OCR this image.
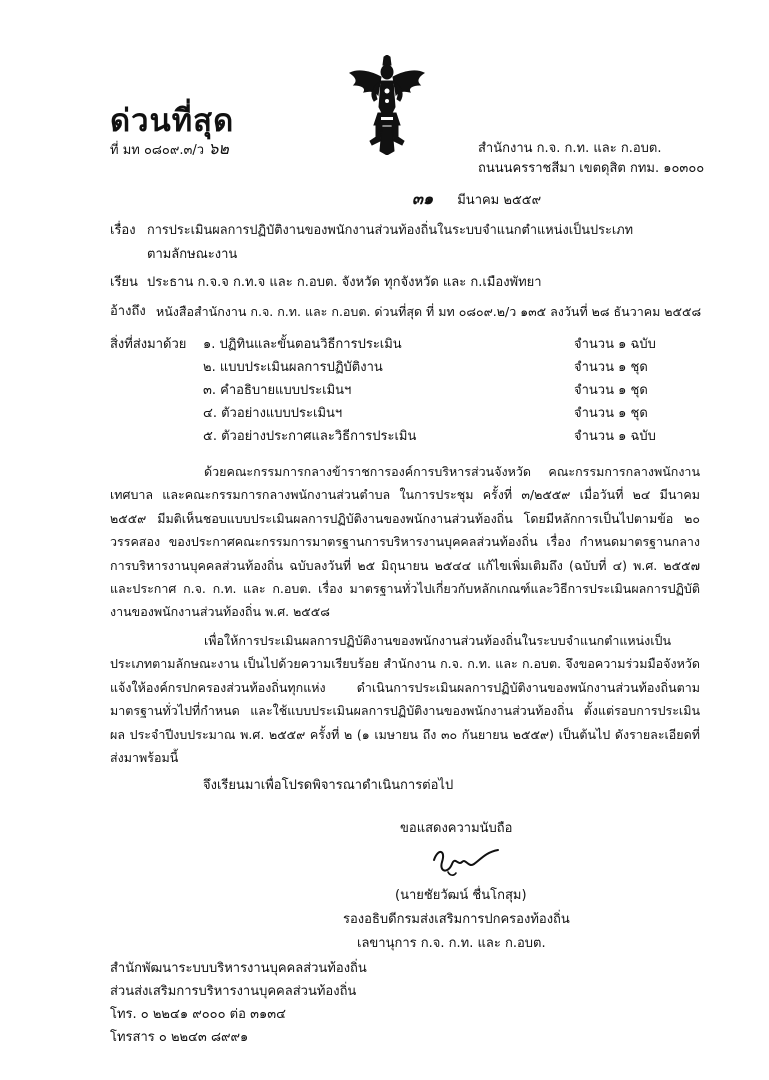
ด่วนที่สุด
ที่ มท ๐๘๐๙.๓/ว ๖๒	สำนักงาน ก.จ. ก.ท. และ ก.อบต.
ถนนนครราชสีมา เขตดุสิต กทม. ๑๐๓๐๐
๓๑ มีนาคม ๒๕๕๙
เรื่อง การประเมินผลการปฏิบัติงานของพนักงานส่วนท้องถิ่นในระบบจำแนกตำแหน่งเป็นประเภท
ตามลักษณะงาน
เรียน ประธาน ก.จ.จ ก.ท.จ และ ก.อบต. จังหวัด ทุกจังหวัด และ ก.เมืองพัทยา
อ้างถึง หนังสือสำนักงาน ก.จ. ก.ท. และ ก.อบต. ด่วนที่สุด ที่ มท ๐๘๐๙.๒/ว ๑๓๕ ลงวันที่ ๒๘ ธันวาคม ๒๕๕๘
สิ่งที่ส่งมาด้วย ๑. ปฏิทินและขั้นตอนวิธีการประเมิน	จำนวน ๑ ฉบับ
๒. แบบประเมินผลการปฏิบัติงาน	จำนวน ๑ ชุด
๓. คำอธิบายแบบประเมินฯ	จำนวน ๑ ชุด
๔. ตัวอย่างแบบประเมินฯ	จำนวน ๑ ชุด
๕. ตัวอย่างประกาศและวิธีการประเมิน	จำนวน ๑ ฉบับ
ด้วยคณะกรรมการกลางข้าราชการองค์การบริหารส่วนจังหวัด คณะกรรมการกลางพนักงานเทศบาล และคณะกรรมการกลางพนักงานส่วนตำบล ในการประชุม ครั้งที่ ๓/๒๕๕๙ เมื่อวันที่ ๒๔ มีนาคม ๒๕๕๙ มีมติเห็นชอบแบบประเมินผลการปฏิบัติงานของพนักงานส่วนท้องถิ่น โดยมีหลักการเป็นไปตามข้อ ๒๐ วรรคสอง ของประกาศคณะกรรมการมาตรฐานการบริหารงานบุคคลส่วนท้องถิ่น เรื่อง กำหนดมาตรฐานกลางการบริหารงานบุคคลส่วนท้องถิ่น ฉบับลงวันที่ ๒๕ มิถุนายน ๒๕๔๔ แก้ไขเพิ่มเติมถึง (ฉบับที่ ๔) พ.ศ. ๒๕๕๗ และประกาศ ก.จ. ก.ท. และ ก.อบต. เรื่อง มาตรฐานทั่วไปเกี่ยวกับหลักเกณฑ์และวิธีการประเมินผลการปฏิบัติงานของพนักงานส่วนท้องถิ่น พ.ศ. ๒๕๕๘
เพื่อให้การประเมินผลการปฏิบัติงานของพนักงานส่วนท้องถิ่นในระบบจำแนกตำแหน่งเป็นประเภทตามลักษณะงาน เป็นไปด้วยความเรียบร้อย สำนักงาน ก.จ. ก.ท. และ ก.อบต. จึงขอความร่วมมือจังหวัดแจ้งให้องค์กรปกครองส่วนท้องถิ่นทุกแห่ง ดำเนินการประเมินผลการปฏิบัติงานของพนักงานส่วนท้องถิ่นตามมาตรฐานทั่วไปที่กำหนด และใช้แบบประเมินผลการปฏิบัติงานของพนักงานส่วนท้องถิ่น ตั้งแต่รอบการประเมินผล ประจำปีงบประมาณ พ.ศ. ๒๕๕๙ ครั้งที่ ๒ (๑ เมษายน ถึง ๓๐ กันยายน ๒๕๕๙) เป็นต้นไป ดังรายละเอียดที่ส่งมาพร้อมนี้
จึงเรียนมาเพื่อโปรดพิจารณาดำเนินการต่อไป
ขอแสดงความนับถือ
(นายชัยวัฒน์ ชื่นโกสุม)
รองอธิบดีกรมส่งเสริมการปกครองท้องถิ่น
เลขานุการ ก.จ. ก.ท. และ ก.อบต.
สำนักพัฒนาระบบบริหารงานบุคคลส่วนท้องถิ่น
ส่วนส่งเสริมการบริหารงานบุคคลส่วนท้องถิ่น
โทร. ๐ ๒๒๔๑ ๙๐๐๐ ต่อ ๓๑๓๔
โทรสาร ๐ ๒๒๔๓ ๘๙๙๑
